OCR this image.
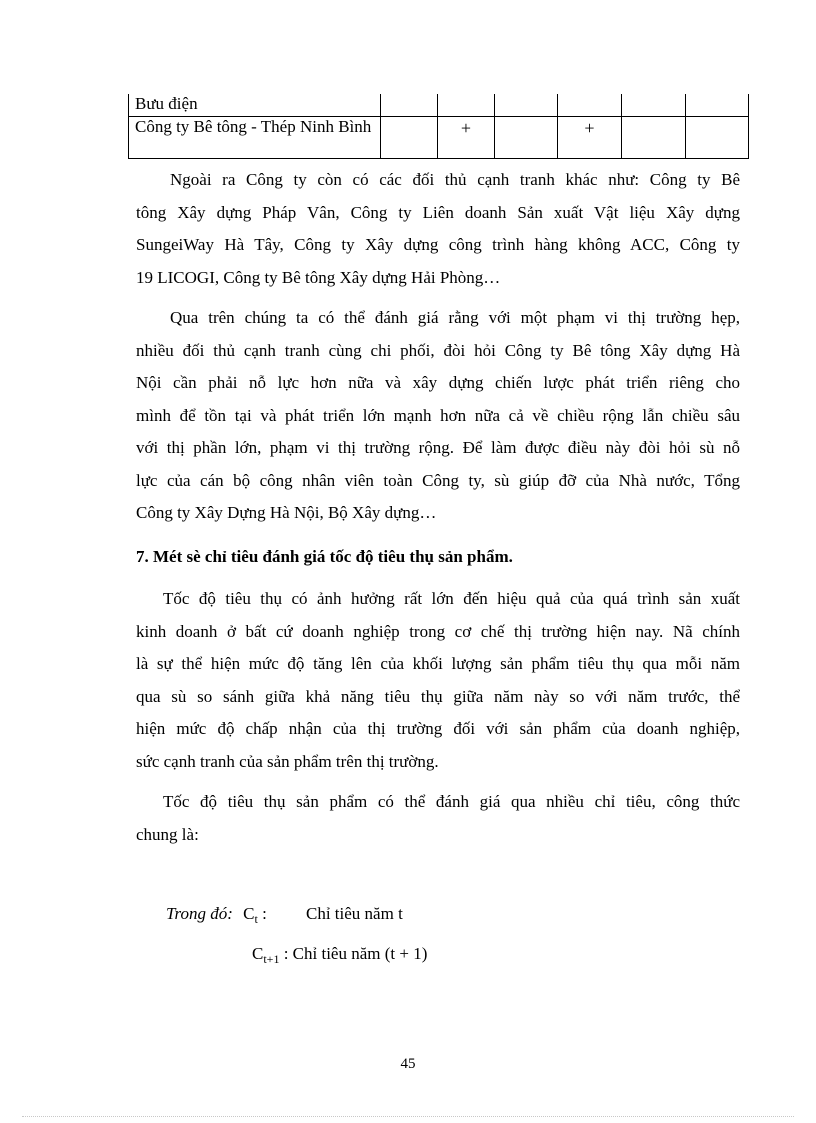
Bưu điện						
Công ty Bê tông - Thép Ninh Bình		+		+		

Ngoài ra Công ty còn có các đối thủ cạnh tranh khác như: Công ty Bê
tông Xây dựng Pháp Vân, Công ty Liên doanh Sản xuất Vật liệu Xây dựng
SungeiWay Hà Tây, Công ty Xây dựng công trình hàng không ACC, Công ty
19 LICOGI, Công ty Bê tông Xây dựng Hải Phòng…

Qua trên chúng ta có thể đánh giá rằng với một phạm vi thị trường hẹp,
nhiều đối thủ cạnh tranh cùng chi phối, đòi hỏi Công ty Bê tông Xây dựng Hà
Nội cần phải nỗ lực hơn nữa và xây dựng chiến lược phát triển riêng cho
mình để tồn tại và phát triển lớn mạnh hơn nữa cả về chiều rộng lẫn chiều sâu
với thị phần lớn, phạm vi thị trường rộng. Để làm được điều này đòi hỏi sù nỗ
lực của cán bộ công nhân viên toàn Công ty, sù giúp đỡ của Nhà nước, Tổng
Công ty Xây Dựng Hà Nội, Bộ Xây dựng…

7. Mét sè chỉ tiêu đánh giá tốc độ tiêu thụ sản phẩm.

Tốc độ tiêu thụ có ảnh hưởng rất lớn đến hiệu quả của quá trình sản xuất
kinh doanh ở bất cứ doanh nghiệp trong cơ chế thị trường hiện nay. Nã chính
là sự thể hiện mức độ tăng lên của khối lượng sản phẩm tiêu thụ qua mỗi năm
qua sù so sánh giữa khả năng tiêu thụ giữa năm này so với năm trước, thể
hiện mức độ chấp nhận của thị trường đối với sản phẩm của doanh nghiệp,
sức cạnh tranh của sản phẩm trên thị trường.

Tốc độ tiêu thụ sản phẩm có thể đánh giá qua nhiều chỉ tiêu, công thức
chung là:

Trong đó: $C_t$ : Chỉ tiêu năm t
$C_{t+1}$ : Chỉ tiêu năm (t + 1)
45
